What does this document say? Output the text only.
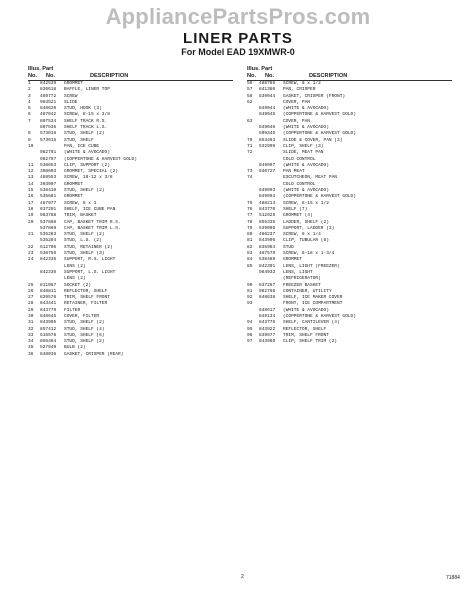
AppliancePartsPros.com
LINER PARTS
For Model EAD 19XMWR-0
Illus. Part
No. No.	DESCRIPTION
1	842539	GROMMET
2	836618	BAFFLE, LINER TOP
3	489772	SCREW
4	983521	SLIDE
5	848620	STUD, HOOK (3)
6	487042	SCREW, 8-15 x 3/8
7	807534	SHELF TRACK R.S.
807535	SHELF TRACK L.S.
8	573016	STUD, SHELF (2)
9	573015	STUD, SHELF
10	PAN, ICE CUBE
982791	(WHITE & AVOCADO)
982797	(COPPERTONE & HARVEST GOLD)
11	538653	CLIP, SUPPORT (2)
12	308603	GROMMET, SPECIAL (2)
13	488553	SCREW, 10-12 x 3/8
14	303007	GROMMET
15	538410	STUD, SHELF (2)
16	535681	GROMMET
17	487977	SCREW, 8 x 1
18	837201	SHELF, ICE CUBE PAN
19	983788	TRIM, BASKET
20	537868	CAP, BASKET TRIM R.S.
537869	CAP, BASKET TRIM L.S.
21	535263	STUD, SHELF (2)
535264	STUD, L.S. (2)
22	512706	STUD, RETAINER (2)
23	538756	STUD, SHELF (3)
24	842335	SUPPORT, R.S. LIGHT
LENS (2)
842336	SUPPORT, L.S. LIGHT
LENS (2)
25	811067	SOCKET (2)
26	848811	REFLECTOR, SHELF
27	839576	TRIM, SHELF FRONT
28	843441	RETAINER, FILTER
29	843779	FILTER
30	848645	COVER, FILTER
31	843905	STUD, SHELF (2)
32	857412	STUD, SHELF (4)
33	515578	STUD, SHELF (6)
34	856464	STUD, SHELF (2)
35	527949	BULB (2)
36	848036	GASKET, CRISPER (REAR)
Illus. Part
No. No.	DESCRIPTION
56	488785	SCREW, 8 x 1/2
57	841380	PAN, CRISPER
58	839044	GASKET, CRISPER (FRONT)
62	COVER, PAN
849044	(WHITE & AVOCADO)
849045	(COPPERTONE & HARVEST GOLD)
63	COVER, PAN
849046	(WHITE & AVOCADO)
509345	(COPPERTONE & HARVEST GOLD)
70	854463	SLIDE & COVER, PAN (3)
71	532998	CLIP, SHELF (3)
72	SLIDE, MEAT PAN
COLD CONTROL
849097	(WHITE & AVOCADO)
73	840727	PAN MEAT
74	ESCUTCHEON, MEAT PAN
COLD CONTROL
849093	(WHITE & AVOCADO)
849094	(COPPERTONE & HARVEST GOLD)
75	488214	SCREW, 8-15 x 1/2
76	843770	SHELF (7)
77	512925	GROMMET (4)
78	855335	LADDER, SHELF (2)
79	539005	SUPPORT, LADDER (3)
80	486237	SCREW, 8 x 1/4
81	843906	CLIP, TUBULAR (6)
82	835964	STUD
83	487579	SCREW, 8-18 x 1-3/4
84	538489	GROMMET
85	842391	LENS, LIGHT (FREEZER)
984933	LENS, LIGHT
(REFRIGERATOR)
90	837267	FREEZER BASKET
91	982766	CONTAINER, UTILITY
92	848638	SHELF, ICE MAKER COVER
93	FRONT, ICE COMPARTMENT
848617	(WHITE & AVOCADO)
849134	(COPPERTONE & HARVEST GOLD)
94	843776	SHELF, CANTILEVER (4)
95	843922	REFLECTOR, SHELF
96	839577	TRIM, SHELF FRONT
97	843960	CLIP, SHELF TRIM (2)
2	71884
